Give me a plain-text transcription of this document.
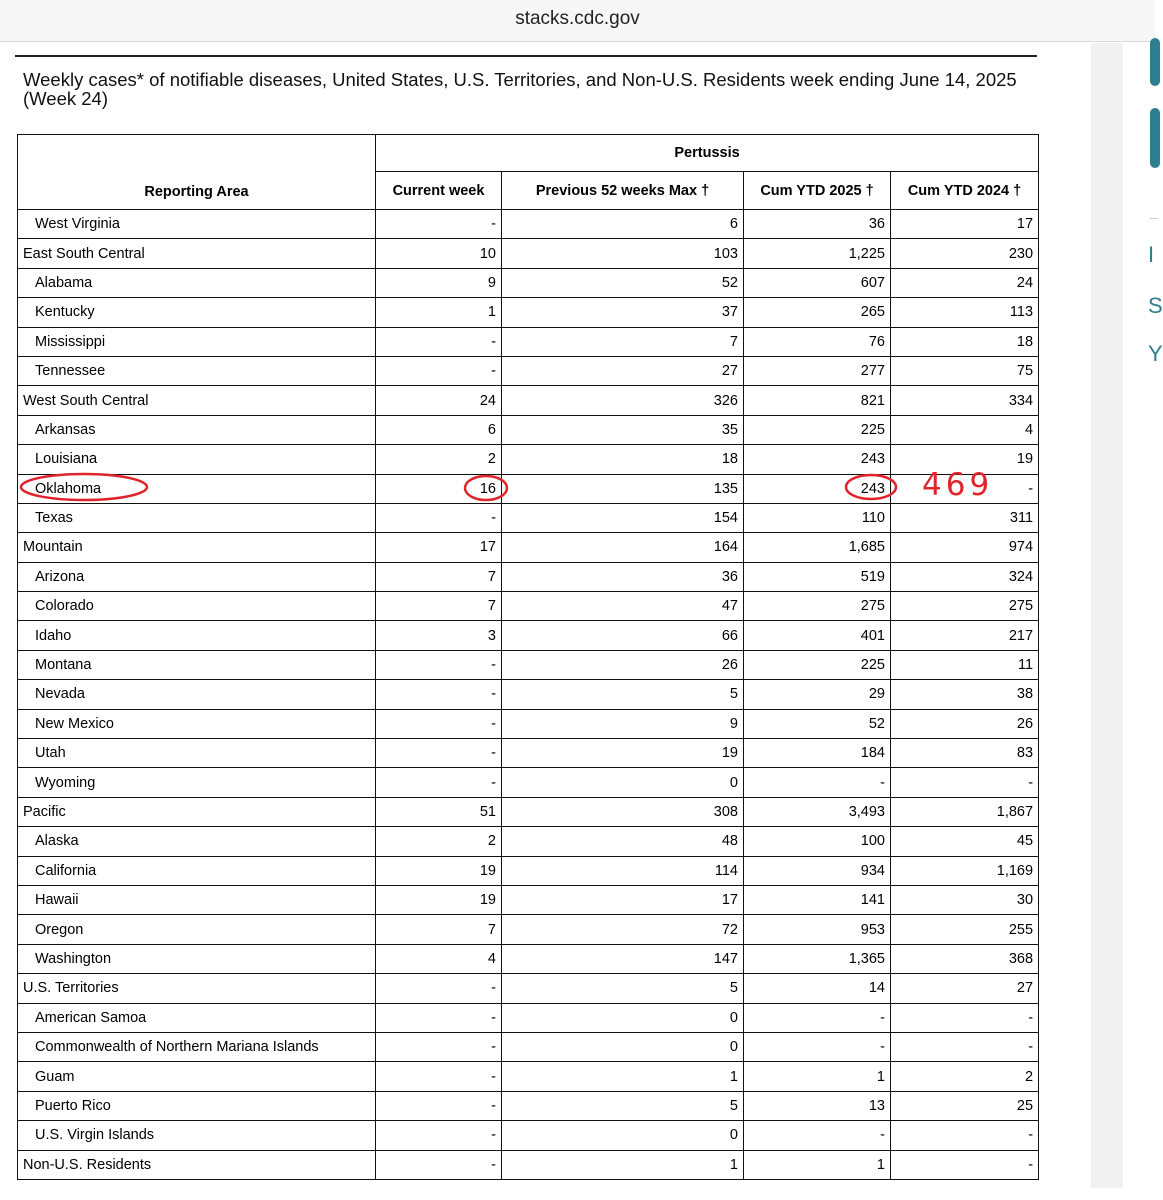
stacks.cdc.gov
I
S
Y
Weekly cases* of notifiable diseases, United States, U.S. Territories, and Non-U.S. Residents week ending June 14, 2025 (Week 24)
Reporting Area	Pertussis			
	Current week	Previous 52 weeks Max †	Cum YTD 2025 †	Cum YTD 2024 †
West Virginia	-	6	36	17
East South Central	10	103	1,225	230
Alabama	9	52	607	24
Kentucky	1	37	265	113
Mississippi	-	7	76	18
Tennessee	-	27	277	75
West South Central	24	326	821	334
Arkansas	6	35	225	4
Louisiana	2	18	243	19
Oklahoma	16	135	243	-
Texas	-	154	110	311
Mountain	17	164	1,685	974
Arizona	7	36	519	324
Colorado	7	47	275	275
Idaho	3	66	401	217
Montana	-	26	225	11
Nevada	-	5	29	38
New Mexico	-	9	52	26
Utah	-	19	184	83
Wyoming	-	0	-	-
Pacific	51	308	3,493	1,867
Alaska	2	48	100	45
California	19	114	934	1,169
Hawaii	19	17	141	30
Oregon	7	72	953	255
Washington	4	147	1,365	368
U.S. Territories	-	5	14	27
American Samoa	-	0	-	-
Commonwealth of Northern Mariana Islands	-	0	-	-
Guam	-	1	1	2
Puerto Rico	-	5	13	25
U.S. Virgin Islands	-	0	-	-
Non-U.S. Residents	-	1	1	-
469
